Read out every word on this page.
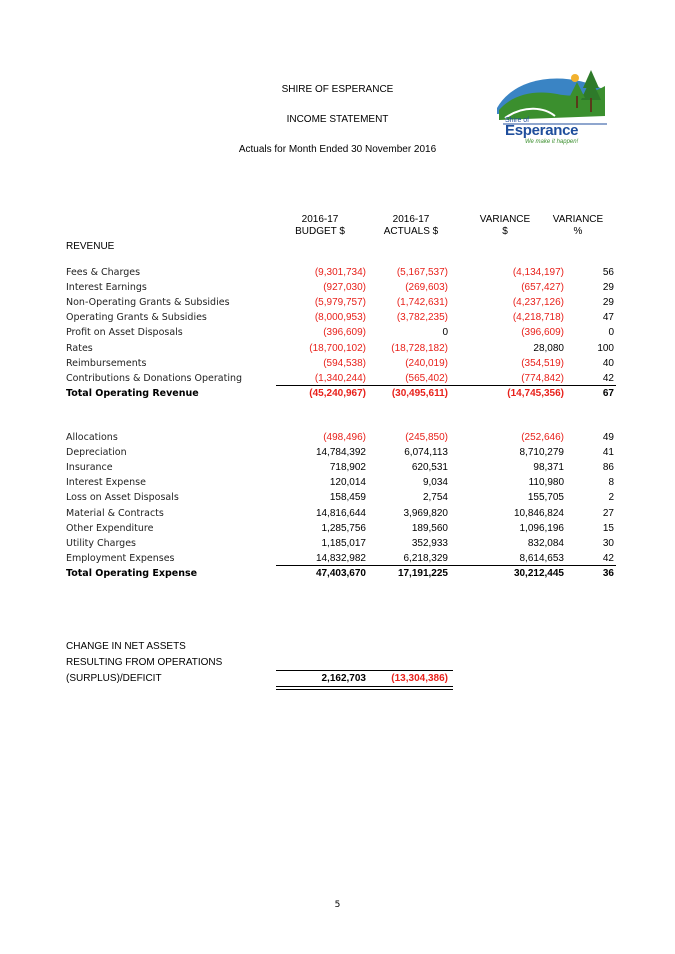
SHIRE OF ESPERANCE
INCOME STATEMENT
Actuals for Month Ended 30 November 2016
Shire of
Esperance
We make it happen!
2016-17
BUDGET $
2016-17
ACTUALS $
VARIANCE
$
VARIANCE
%
REVENUE
Fees & Charges	(9,301,734)	(5,167,537)	(4,134,197)	56
Interest Earnings	(927,030)	(269,603)	(657,427)	29
Non-Operating Grants & Subsidies	(5,979,757)	(1,742,631)	(4,237,126)	29
Operating Grants & Subsidies	(8,000,953)	(3,782,235)	(4,218,718)	47
Profit on Asset Disposals	(396,609)	0	(396,609)	0
Rates	(18,700,102)	(18,728,182)	28,080	100
Reimbursements	(594,538)	(240,019)	(354,519)	40
Contributions & Donations Operating	(1,340,244)	(565,402)	(774,842)	42
Total Operating Revenue	(45,240,967)	(30,495,611)	(14,745,356)	67
Allocations	(498,496)	(245,850)	(252,646)	49
Depreciation	14,784,392	6,074,113	8,710,279	41
Insurance	718,902	620,531	98,371	86
Interest Expense	120,014	9,034	110,980	8
Loss on Asset Disposals	158,459	2,754	155,705	2
Material & Contracts	14,816,644	3,969,820	10,846,824	27
Other Expenditure	1,285,756	189,560	1,096,196	15
Utility Charges	1,185,017	352,933	832,084	30
Employment Expenses	14,832,982	6,218,329	8,614,653	42
Total Operating Expense	47,403,670	17,191,225	30,212,445	36
CHANGE IN NET ASSETS
RESULTING FROM OPERATIONS
(SURPLUS)/DEFICIT	2,162,703	(13,304,386)
5
